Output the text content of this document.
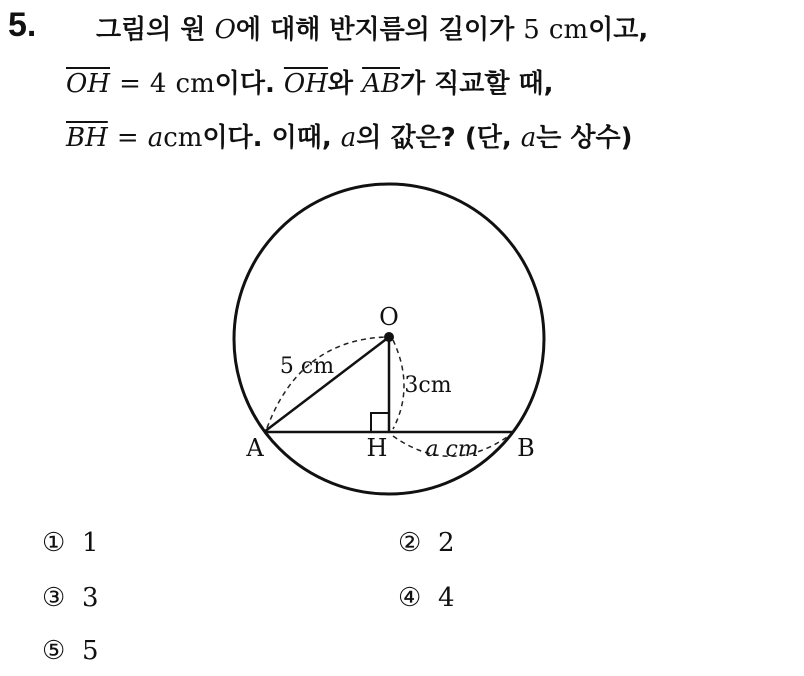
5. 그림의 원 O에 대해 반지름의 길이가 5 cm이고,
$\overline{OH} = 4$ cm이다. $\overline{OH}$와 $\overline{AB}$가 직교할 때,
$\overline{BH}$ = acm이다. 이때, a의 값은? (단, a는 상수)
O
A	H	B
5 cm
3cm
a cm
① 1	② 2
③ 3	④ 4
⑤ 5
